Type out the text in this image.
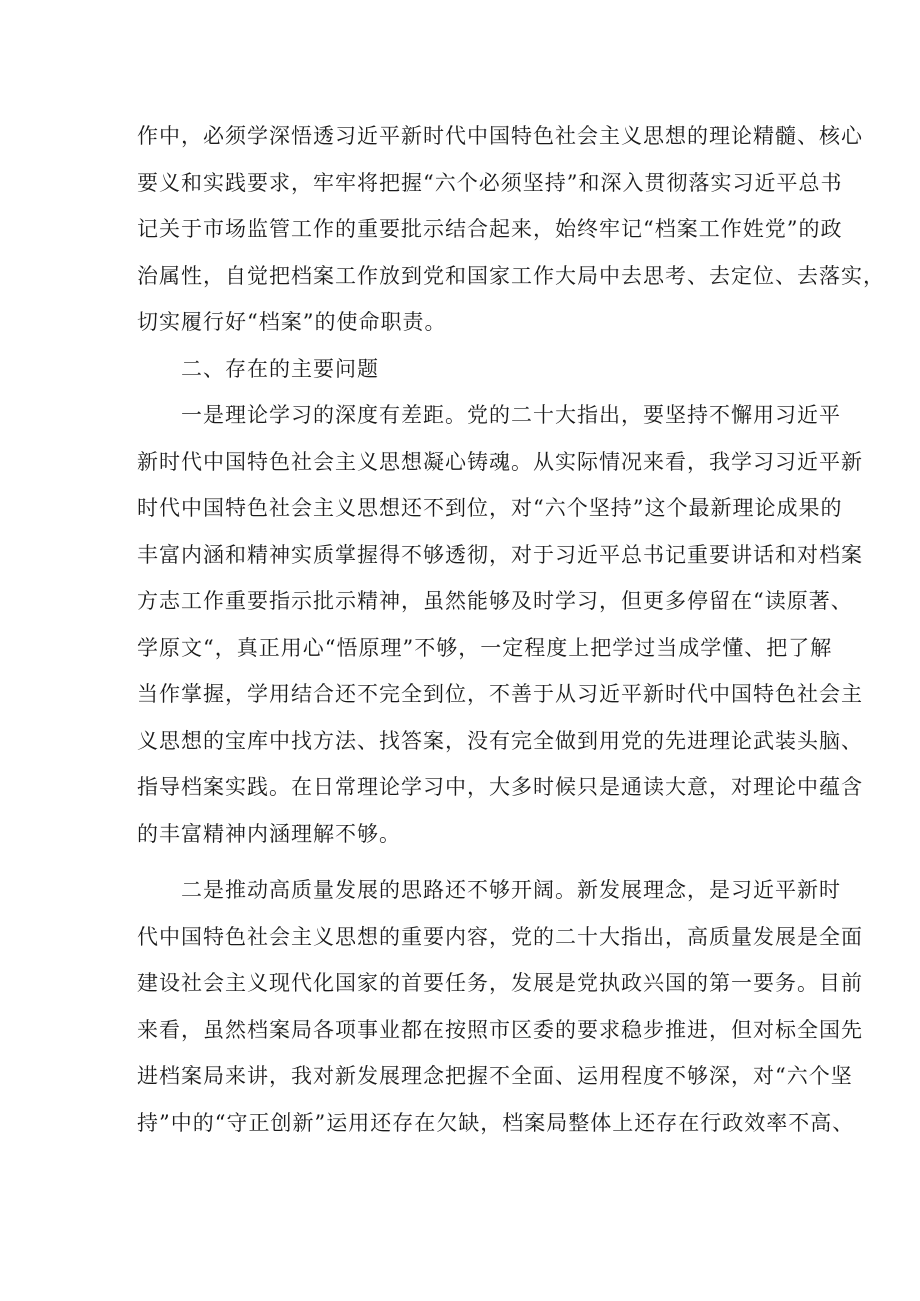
作中，必须学深悟透习近平新时代中国特色社会主义思想的理论精髓、核心
要义和实践要求，牢牢将把握“六个必须坚持”和深入贯彻落实习近平总书
记关于市场监管工作的重要批示结合起来，始终牢记“档案工作姓党”的政
治属性，自觉把档案工作放到党和国家工作大局中去思考、去定位、去落实，
切实履行好“档案”的使命职责。
二、存在的主要问题
一是理论学习的深度有差距。党的二十大指出，要坚持不懈用习近平
新时代中国特色社会主义思想凝心铸魂。从实际情况来看，我学习习近平新
时代中国特色社会主义思想还不到位，对“六个坚持”这个最新理论成果的
丰富内涵和精神实质掌握得不够透彻，对于习近平总书记重要讲话和对档案
方志工作重要指示批示精神，虽然能够及时学习，但更多停留在“读原著、
学原文“，真正用心“悟原理”不够，一定程度上把学过当成学懂、把了解
当作掌握，学用结合还不完全到位，不善于从习近平新时代中国特色社会主
义思想的宝库中找方法、找答案，没有完全做到用党的先进理论武装头脑、
指导档案实践。在日常理论学习中，大多时候只是通读大意，对理论中蕴含
的丰富精神内涵理解不够。
二是推动高质量发展的思路还不够开阔。新发展理念，是习近平新时
代中国特色社会主义思想的重要内容，党的二十大指出，高质量发展是全面
建设社会主义现代化国家的首要任务，发展是党执政兴国的第一要务。目前
来看，虽然档案局各项事业都在按照市区委的要求稳步推进，但对标全国先
进档案局来讲，我对新发展理念把握不全面、运用程度不够深，对“六个坚
持”中的“守正创新”运用还存在欠缺，档案局整体上还存在行政效率不高、
